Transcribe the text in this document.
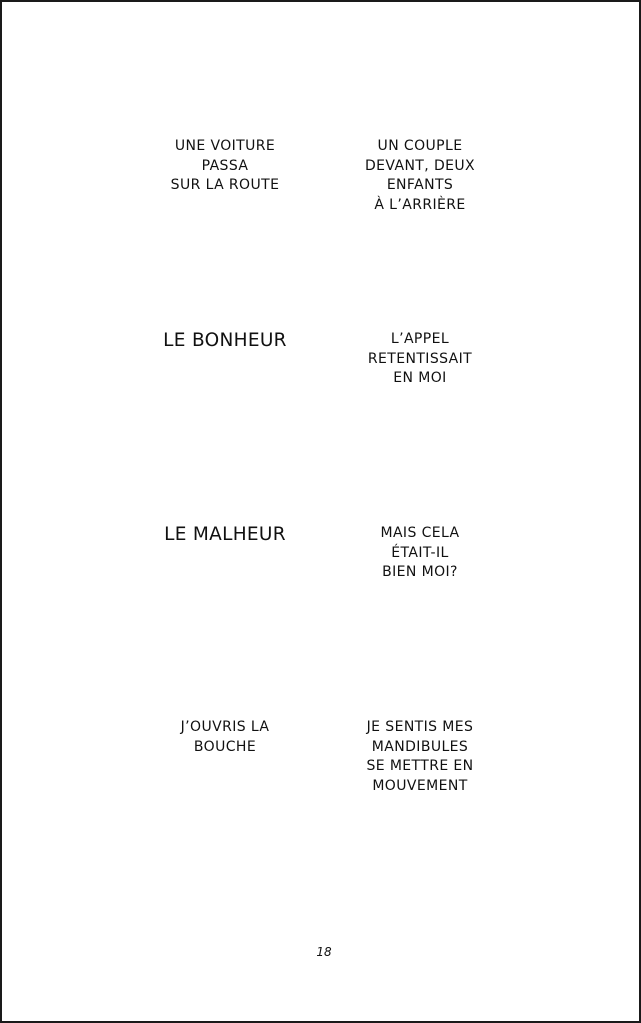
UNE VOITURE
PASSA
SUR LA ROUTE
UN COUPLE
DEVANT, DEUX
ENFANTS
À L’ARRIÈRE
LE BONHEUR	L’APPEL
RETENTISSAIT
EN MOI
LE MALHEUR	MAIS CELA
ÉTAIT-IL
BIEN MOI?
J’OUVRIS LA
BOUCHE
JE SENTIS MES
MANDIBULES
SE METTRE EN
MOUVEMENT
18
